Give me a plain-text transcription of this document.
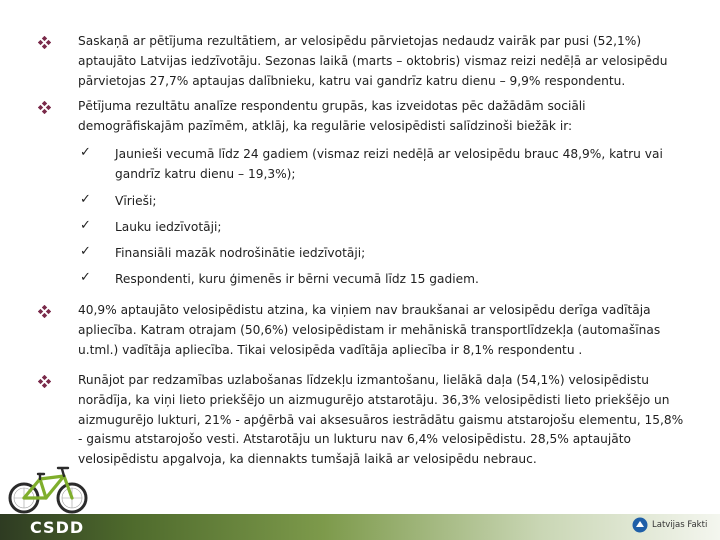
Saskaņā ar pētījuma rezultātiem, ar velosipēdu pārvietojas nedaudz vairāk par pusi (52,1%) aptaujāto Latvijas iedzīvotāju. Sezonas laikā (marts – oktobris) vismaz reizi nedēļā ar velosipēdu pārvietojas 27,7% aptaujas dalībnieku, katru vai gandrīz katru dienu – 9,9% respondentu.
Pētījuma rezultātu analīze respondentu grupās, kas izveidotas pēc dažādām sociāli demogrāfiskajām pazīmēm, atklāj, ka regulārie velosipēdisti salīdzinoši biežāk ir:
✓ Jaunieši vecumā līdz 24 gadiem (vismaz reizi nedēļā ar velosipēdu brauc 48,9%, katru vai gandrīz katru dienu – 19,3%);
✓ Vīrieši;
✓ Lauku iedzīvotāji;
✓ Finansiāli mazāk nodrošinātie iedzīvotāji;
✓ Respondenti, kuru ģimenēs ir bērni vecumā līdz 15 gadiem.
40,9% aptaujāto velosipēdistu atzina, ka viņiem nav braukšanai ar velosipēdu derīga vadītāja apliecība. Katram otrajam (50,6%) velosipēdistam ir mehāniskā transportlīdzekļa (automašīnas u.tml.) vadītāja apliecība. Tikai velosipēda vadītāja apliecība ir 8,1% respondentu .
Runājot par redzamības uzlabošanas līdzekļu izmantošanu, lielākā daļa (54,1%) velosipēdistu norādīja, ka viņi lieto priekšējo un aizmugurējo atstarotāju. 36,3% velosipēdisti lieto priekšējo un aizmugurējo lukturi, 21% - apģērbā vai aksesuāros iestrādātu gaismu atstarojošu elementu, 15,8% - gaismu atstarojošo vesti. Atstarotāju un lukturu nav 6,4% velosipēdistu. 28,5% aptaujāto velosipēdistu apgalvoja, ka diennakts tumšajā laikā ar velosipēdu nebrauc.
CSDD	Latvijas Fakti
